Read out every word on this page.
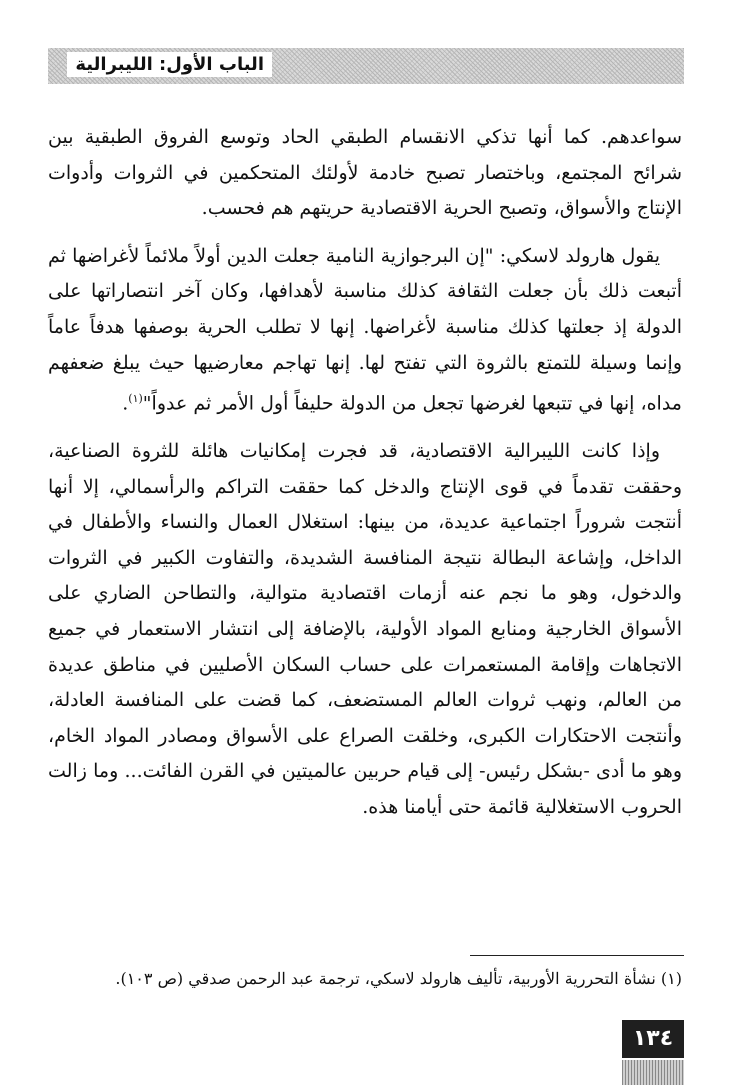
الباب الأول: الليبرالية

سواعدهم. كما أنها تذكي الانقسام الطبقي الحاد وتوسع الفروق الطبقية بين شرائح المجتمع، وباختصار تصبح خادمة لأولئك المتحكمين في الثروات وأدوات الإنتاج والأسواق، وتصبح الحرية الاقتصادية حريتهم هم فحسب.

يقول هارولد لاسكي: "إن البرجوازية النامية جعلت الدين أولاً ملائماً لأغراضها ثم أتبعت ذلك بأن جعلت الثقافة كذلك مناسبة لأهدافها، وكان آخر انتصاراتها على الدولة إذ جعلتها كذلك مناسبة لأغراضها. إنها لا تطلب الحرية بوصفها هدفاً عاماً وإنما وسيلة للتمتع بالثروة التي تفتح لها. إنها تهاجم معارضيها حيث يبلغ ضعفهم مداه، إنها في تتبعها لغرضها تجعل من الدولة حليفاً أول الأمر ثم عدواً"$^{(١)}$.

وإذا كانت الليبرالية الاقتصادية، قد فجرت إمكانيات هائلة للثروة الصناعية، وحققت تقدماً في قوى الإنتاج والدخل كما حققت التراكم والرأسمالي، إلا أنها أنتجت شروراً اجتماعية عديدة، من بينها: استغلال العمال والنساء والأطفال في الداخل، وإشاعة البطالة نتيجة المنافسة الشديدة، والتفاوت الكبير في الثروات والدخول، وهو ما نجم عنه أزمات اقتصادية متوالية، والتطاحن الضاري على الأسواق الخارجية ومنابع المواد الأولية، بالإضافة إلى انتشار الاستعمار في جميع الاتجاهات وإقامة المستعمرات على حساب السكان الأصليين في مناطق عديدة من العالم، ونهب ثروات العالم المستضعف، كما قضت على المنافسة العادلة، وأنتجت الاحتكارات الكبرى، وخلقت الصراع على الأسواق ومصادر المواد الخام، وهو ما أدى -بشكل رئيس- إلى قيام حربين عالميتين في القرن الفائت... وما زالت الحروب الاستغلالية قائمة حتى أيامنا هذه.

(١) نشأة التحررية الأوربية، تأليف هارولد لاسكي، ترجمة عبد الرحمن صدقي (ص ١٠٣).
١٣٤
